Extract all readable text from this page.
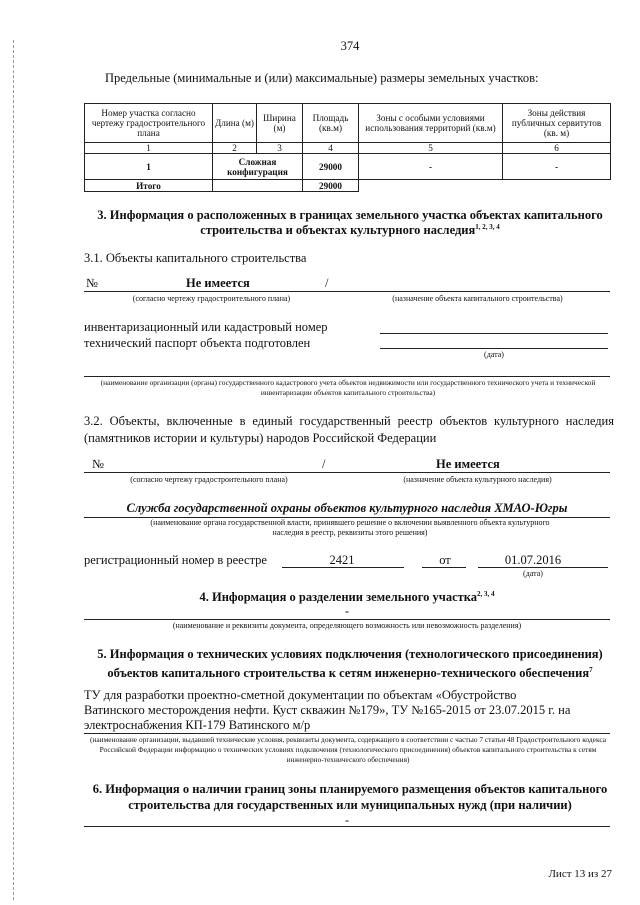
374
Предельные (минимальные и (или) максимальные) размеры земельных участков:
Номер участка согласно чертежу градостроительного плана	Длина (м)	Ширина (м)	Площадь (кв.м)	Зоны с особыми условиями использования территорий (кв.м)	Зоны действия публичных сервитутов (кв. м)
1	2	3	4	5	6
1	Сложная конфигурация		29000	-	-
Итого			29000		
3. Информация о расположенных в границах земельного участка объектах капитального
строительства и объектах культурного наследия$^{1, 2, 3, 4}$
3.1. Объекты капитального строительства
№	Не имеется	/
(согласно чертежу градостроительного плана)	(назначение объекта капитального строительства)
инвентаризационный или кадастровый номер
технический паспорт объекта подготовлен
(дата)
(наименование организации (органа) государственного кадастрового учета объектов недвижимости или государственного технического учета и технической инвентаризации объектов капитального строительства)
3.2. Объекты, включенные в единый государственный реестр объектов культурного наследия (памятников истории и культуры) народов Российской Федерации
№	/	Не имеется
(согласно чертежу градостроительного плана)	(назначение объекта культурного наследия)
Служба государственной охраны объектов культурного наследия ХМАО-Югры
(наименование органа государственной власти, принявшего решение о включении выявленного объекта культурного наследия в реестр, реквизиты этого решения)
регистрационный номер в реестре	2421	от	01.07.2016
(дата)
4. Информация о разделении земельного участка$^{2, 3, 4}$
-
(наименование и реквизиты документа, определяющего возможность или невозможность разделения)
5. Информация о технических условиях подключения (технологического присоединения)
объектов капитального строительства к сетям инженерно-технического обеспечения$^7$
ТУ для разработки проектно-сметной документации по объектам «Обустройство
Ватинского месторождения нефти. Куст скважин №179», ТУ №165-2015 от 23.07.2015 г. на
электроснабжения КП-179 Ватинского м/р
(наименование организации, выдавшей технические условия, реквизиты документа, содержащего в соответствии с частью 7 статьи 48 Градостроительного кодекса Российской Федерации информацию о технических условиях подключения (технологического присоединения) объектов капитального строительства к сетям инженерно-технического обеспечения)
6. Информация о наличии границ зоны планируемого размещения объектов капитального
строительства для государственных или муниципальных нужд (при наличии)
-
Лист 13 из 27
